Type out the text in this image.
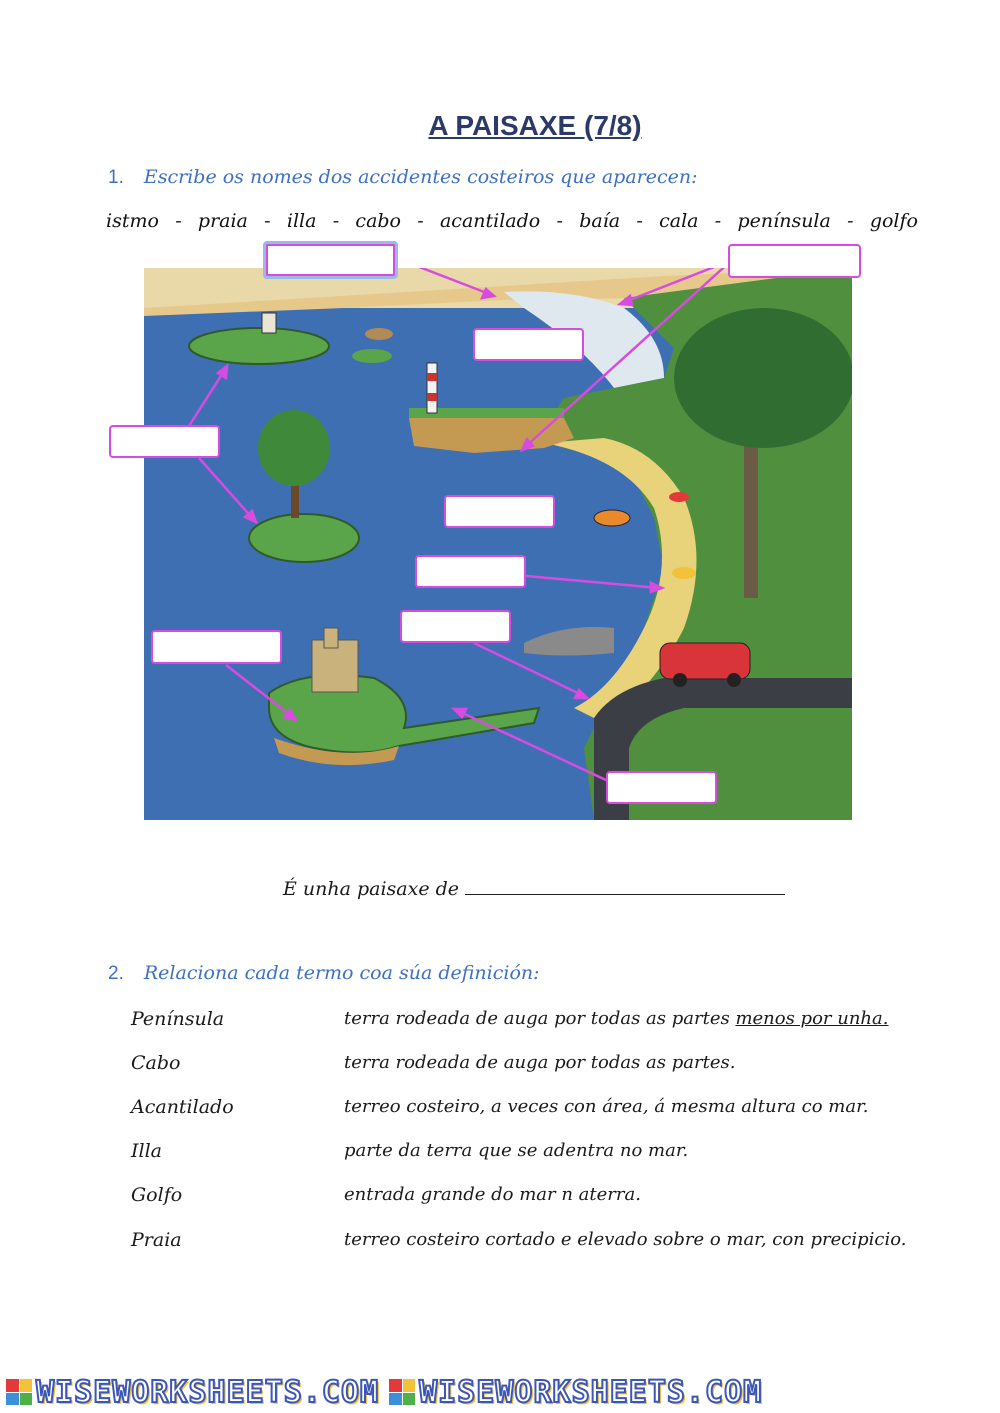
A PAISAXE (7/8)
1. Escribe os nomes dos accidentes costeiros que aparecen:
istmo - praia - illa - cabo - acantilado - baía - cala - península - golfo
É unha paisaxe de
2. Relaciona cada termo coa súa definición:
Península	terra rodeada de auga por todas as partes menos por unha.
Cabo	terra rodeada de auga por todas as partes.
Acantilado	terreo costeiro, a veces con área, á mesma altura co mar.
Illa	parte da terra que se adentra no mar.
Golfo	entrada grande do mar n aterra.
Praia	terreo costeiro cortado e elevado sobre o mar, con precipicio.
WISEWORKSHEETS.COM WISEWORKSHEETS.COM
